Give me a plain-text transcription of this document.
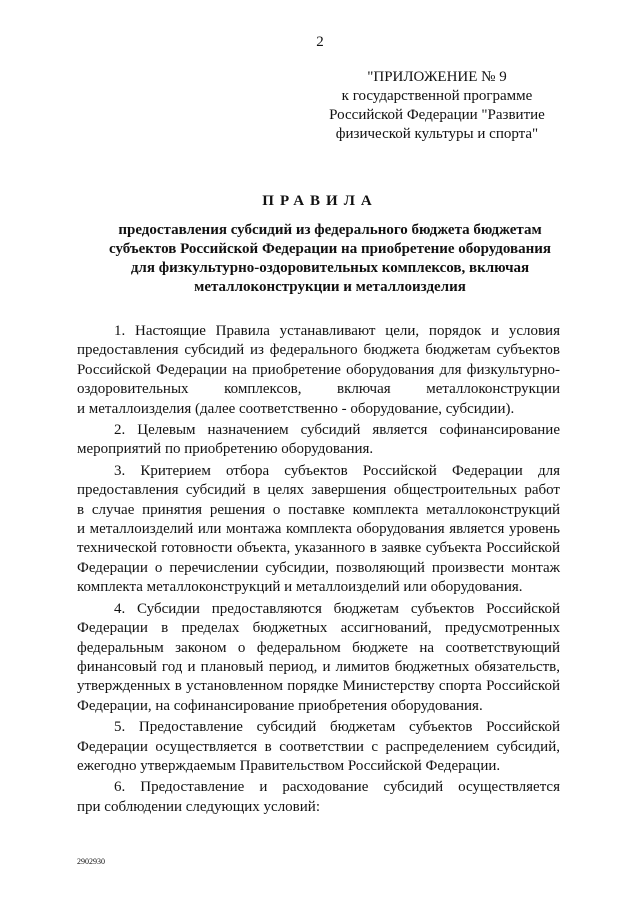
2
"ПРИЛОЖЕНИЕ № 9
к государственной программе
Российской Федерации "Развитие
физической культуры и спорта"
ПРАВИЛА
предоставления субсидий из федерального бюджета бюджетам
субъектов Российской Федерации на приобретение оборудования
для физкультурно-оздоровительных комплексов, включая
металлоконструкции и металлоизделия
1. Настоящие Правила устанавливают цели, порядок и условия
предоставления субсидий из федерального бюджета бюджетам субъектов
Российской Федерации на приобретение оборудования для физкультурно-
оздоровительных комплексов, включая металлоконструкции
и металлоизделия (далее соответственно - оборудование, субсидии).
2. Целевым назначением субсидий является софинансирование
мероприятий по приобретению оборудования.
3. Критерием отбора субъектов Российской Федерации для
предоставления субсидий в целях завершения общестроительных работ
в случае принятия решения о поставке комплекта металлоконструкций
и металлоизделий или монтажа комплекта оборудования является уровень
технической готовности объекта, указанного в заявке субъекта Российской
Федерации о перечислении субсидии, позволяющий произвести монтаж
комплекта металлоконструкций и металлоизделий или оборудования.
4. Субсидии предоставляются бюджетам субъектов Российской
Федерации в пределах бюджетных ассигнований, предусмотренных
федеральным законом о федеральном бюджете на соответствующий
финансовый год и плановый период, и лимитов бюджетных обязательств,
утвержденных в установленном порядке Министерству спорта Российской
Федерации, на софинансирование приобретения оборудования.
5. Предоставление субсидий бюджетам субъектов Российской
Федерации осуществляется в соответствии с распределением субсидий,
ежегодно утверждаемым Правительством Российской Федерации.
6. Предоставление и расходование субсидий осуществляется
при соблюдении следующих условий:
2902930
